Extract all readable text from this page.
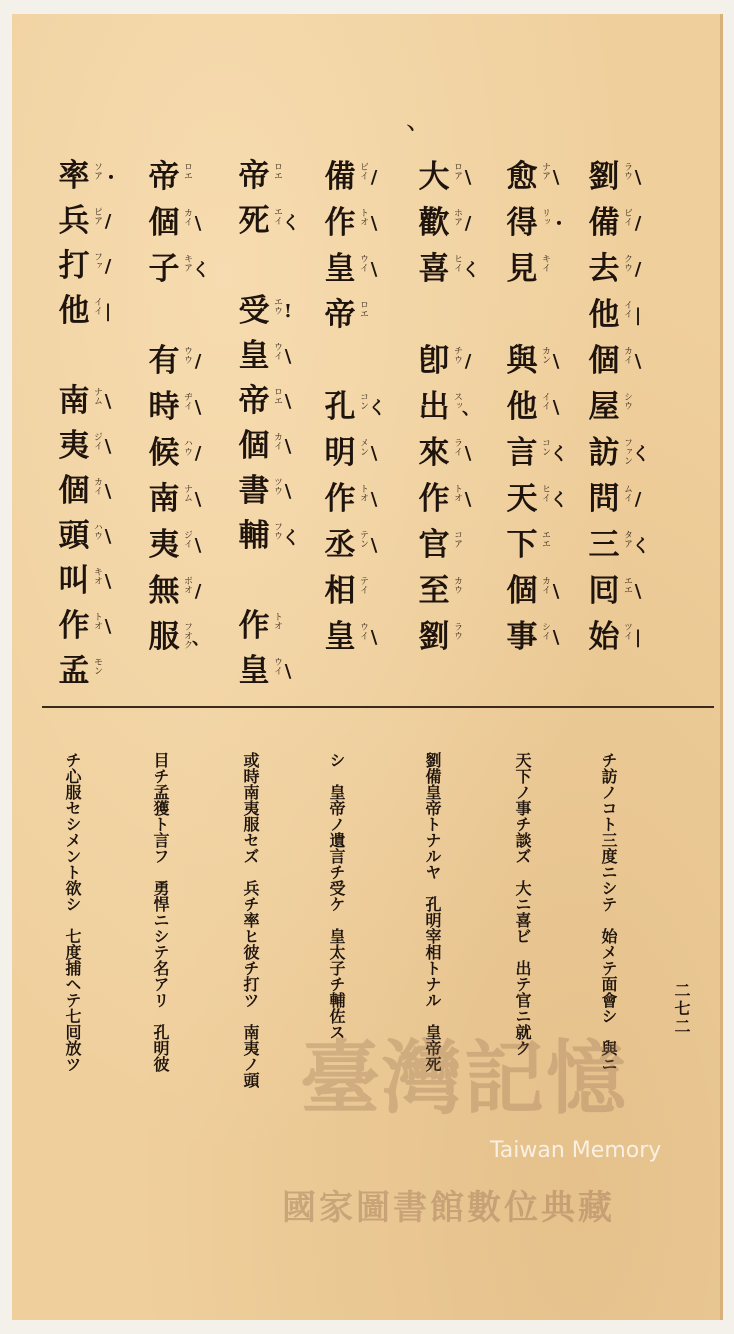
、
劉 ラウ \
備 ビイ /
去 クウ /
他 イイ |
個 カイ \
屋 シウ
訪 ファン く
問 ムイ /
三 タア く
囘 エエ \
始 ツイ |
愈 ナア \
得 リッ ・
見 キイ
與 カン \
他 イイ \
言 コン く
天 ヒイ く
下 エエ
個 カイ \
事 シイ \
大 ロア \
歡 ホア /
喜 ヒイ く
卽 チウ /
出 スッ 、
來 ライ \
作 トオ \
官 コア
至 カウ
劉 ラウ
備 ビイ /
作 トオ \
皇 ウイ \
帝 ロエ
孔 コン く
明 メン \
作 トオ \
丞 テン \
相 テイ
皇 ウイ \
帝 ロエ
死 エイ く
受 エウ !
皇 ウイ \
帝 ロエ \
個 カイ \
書 ツウ \
輔 フウ く
作 トオ
皇 ウイ \
帝 ロエ
個 カイ \
子 キア く
有 ウウ /
時 ヂイ \
候 ハウ /
南 ナム \
夷 ジイ \
無 ボオ /
服 フオク 、
率 ソア ・
兵 ピア /
打 ファ /
他 イイ |
南 ナム \
夷 ジイ \
個 カイ \
頭 ハウ \
叫 キオ \
作 トオ \
孟 モン
チ訪ノコト三度ニシテ　始メテ面會シ　與ニ
天下ノ事チ談ズ　大ニ喜ビ　出テ官ニ就ク
劉備皇帝トナルヤ　孔明宰相トナル　皇帝死
シ　皇帝ノ遺言チ受ケ　皇太子チ輔佐ス
或時南夷服セズ　兵チ率ヒ彼チ打ツ　南夷ノ頭
目チ孟獲ト言フ　勇悍ニシテ名アリ　孔明彼
チ心服セシメント欲シ　七度捕ヘテ七囘放ツ	二七二
臺灣記憶
Taiwan Memory
國家圖書館數位典藏
